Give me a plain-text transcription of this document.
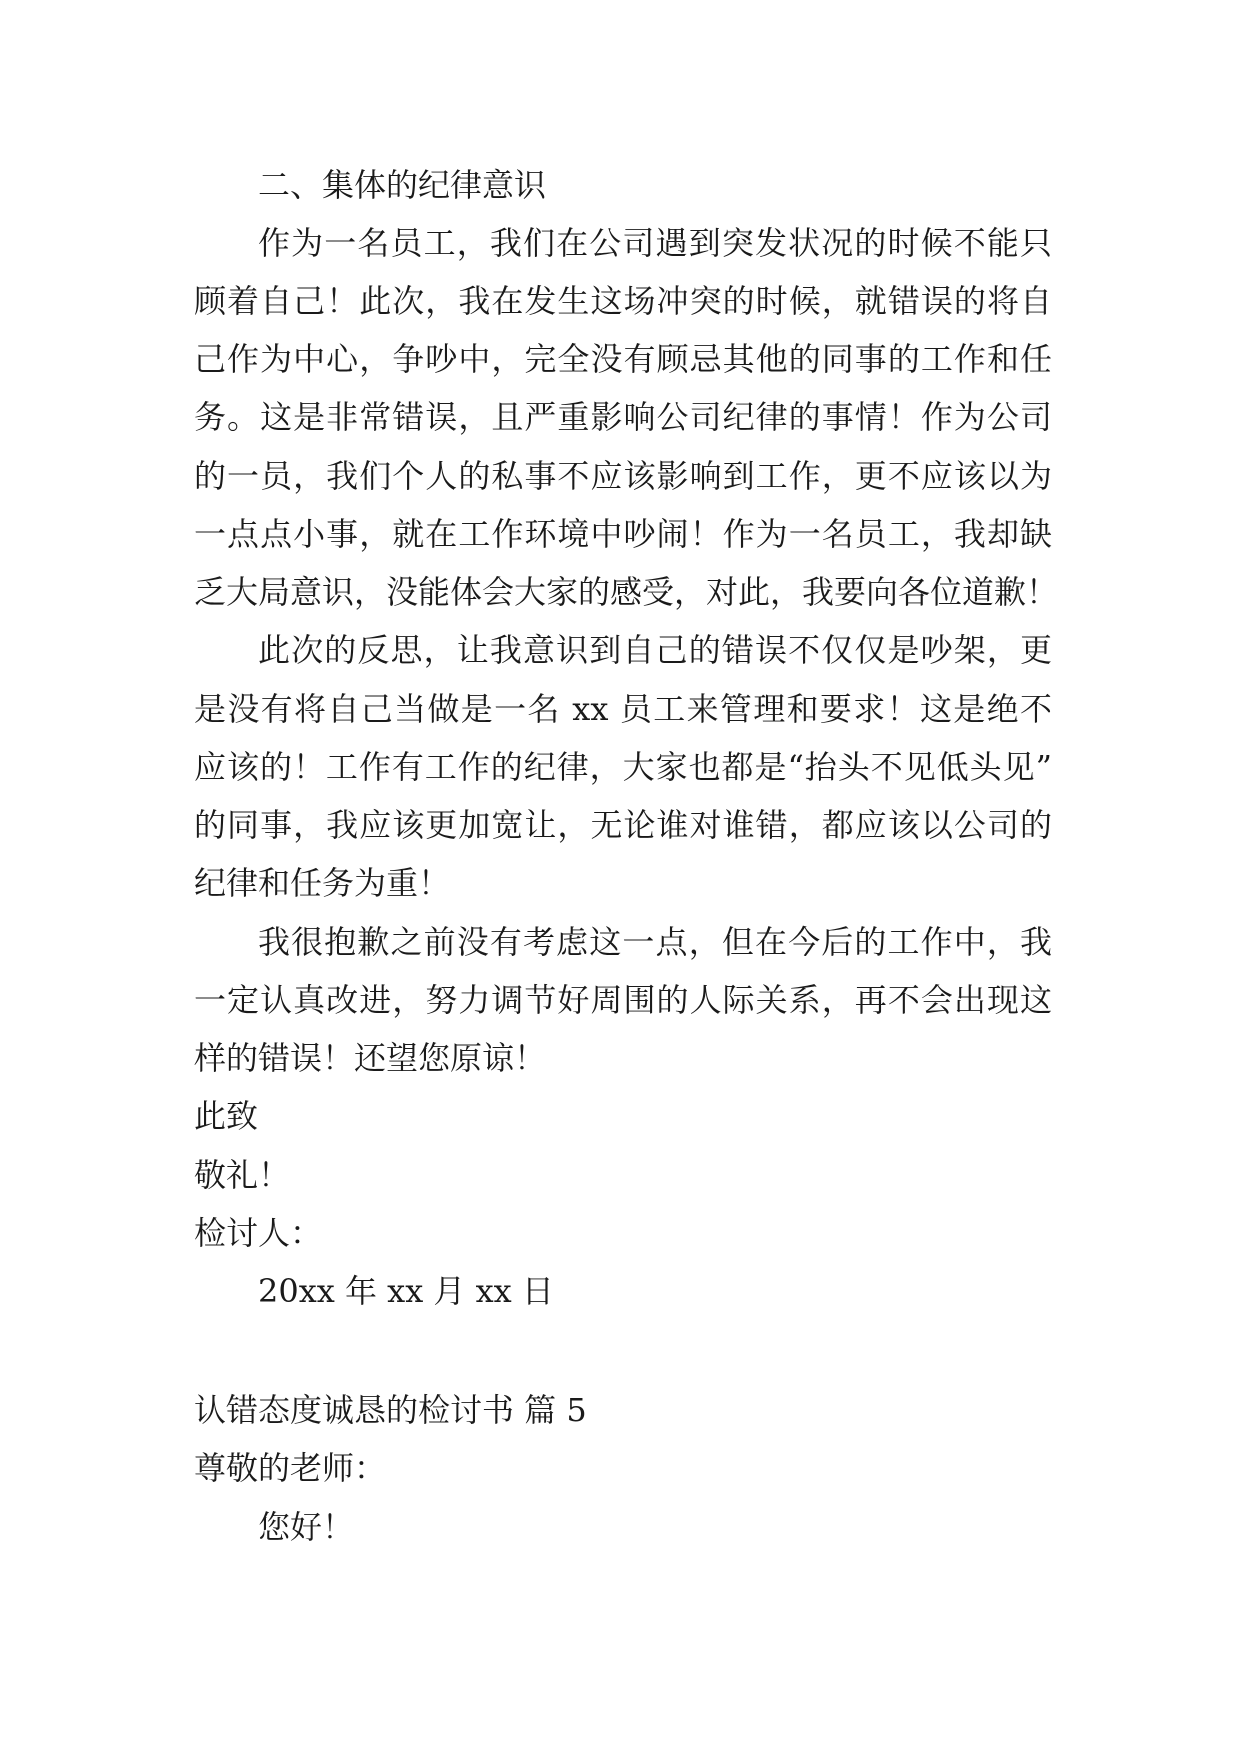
二、集体的纪律意识
作为一名员工，我们在公司遇到突发状况的时候不能只
顾着自己！此次，我在发生这场冲突的时候，就错误的将自
己作为中心，争吵中，完全没有顾忌其他的同事的工作和任
务。这是非常错误，且严重影响公司纪律的事情！作为公司
的一员，我们个人的私事不应该影响到工作，更不应该以为
一点点小事，就在工作环境中吵闹！作为一名员工，我却缺
乏大局意识，没能体会大家的感受，对此，我要向各位道歉！
此次的反思，让我意识到自己的错误不仅仅是吵架，更
是没有将自己当做是一名 xx 员工来管理和要求！这是绝不
应该的！工作有工作的纪律，大家也都是“抬头不见低头见”
的同事，我应该更加宽让，无论谁对谁错，都应该以公司的
纪律和任务为重！
我很抱歉之前没有考虑这一点，但在今后的工作中，我
一定认真改进，努力调节好周围的人际关系，再不会出现这
样的错误！还望您原谅！
此致
敬礼！
检讨人：
20xx 年 xx 月 xx 日
认错态度诚恳的检讨书 篇 5
尊敬的老师：
您好！
